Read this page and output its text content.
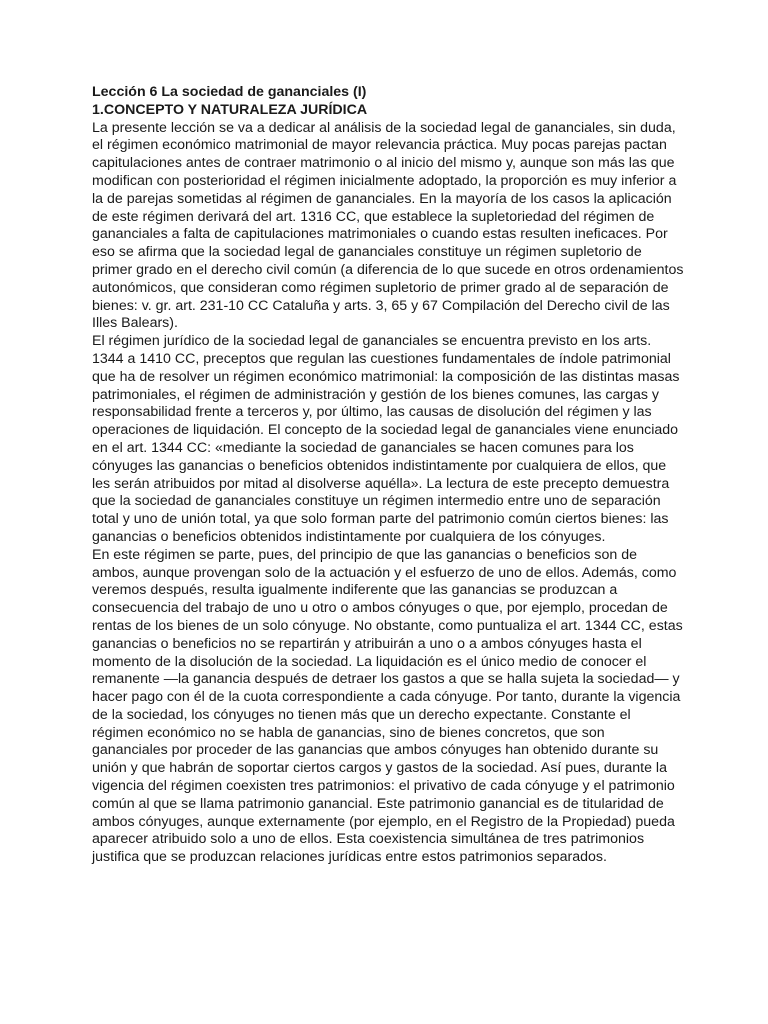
Lección 6 La sociedad de gananciales (I)

1.CONCEPTO Y NATURALEZA JURÍDICA

La presente lección se va a dedicar al análisis de la sociedad legal de gananciales, sin duda, el régimen económico matrimonial de mayor relevancia práctica. Muy pocas parejas pactan capitulaciones antes de contraer matrimonio o al inicio del mismo y, aunque son más las que modifican con posterioridad el régimen inicialmente adoptado, la proporción es muy inferior a la de parejas sometidas al régimen de gananciales. En la mayoría de los casos la aplicación de este régimen derivará del art. 1316 CC, que establece la supletoriedad del régimen de gananciales a falta de capitulaciones matrimoniales o cuando estas resulten ineficaces. Por eso se afirma que la sociedad legal de gananciales constituye un régimen supletorio de primer grado en el derecho civil común (a diferencia de lo que sucede en otros ordenamientos autonómicos, que consideran como régimen supletorio de primer grado al de separación de bienes: v. gr. art. 231-10 CC Cataluña y arts. 3, 65 y 67 Compilación del Derecho civil de las Illes Balears).

El régimen jurídico de la sociedad legal de gananciales se encuentra previsto en los arts. 1344 a 1410 CC, preceptos que regulan las cuestiones fundamentales de índole patrimonial que ha de resolver un régimen económico matrimonial: la composición de las distintas masas patrimoniales, el régimen de administración y gestión de los bienes comunes, las cargas y responsabilidad frente a terceros y, por último, las causas de disolución del régimen y las operaciones de liquidación. El concepto de la sociedad legal de gananciales viene enunciado en el art. 1344 CC: «mediante la sociedad de gananciales se hacen comunes para los cónyuges las ganancias o beneficios obtenidos indistintamente por cualquiera de ellos, que les serán atribuidos por mitad al disolverse aquélla». La lectura de este precepto demuestra que la sociedad de gananciales constituye un régimen intermedio entre uno de separación total y uno de unión total, ya que solo forman parte del patrimonio común ciertos bienes: las ganancias o beneficios obtenidos indistintamente por cualquiera de los cónyuges.

En este régimen se parte, pues, del principio de que las ganancias o beneficios son de ambos, aunque provengan solo de la actuación y el esfuerzo de uno de ellos. Además, como veremos después, resulta igualmente indiferente que las ganancias se produzcan a consecuencia del trabajo de uno u otro o ambos cónyuges o que, por ejemplo, procedan de rentas de los bienes de un solo cónyuge. No obstante, como puntualiza el art. 1344 CC, estas ganancias o beneficios no se repartirán y atribuirán a uno o a ambos cónyuges hasta el momento de la disolución de la sociedad. La liquidación es el único medio de conocer el remanente —la ganancia después de detraer los gastos a que se halla sujeta la sociedad— y hacer pago con él de la cuota correspondiente a cada cónyuge. Por tanto, durante la vigencia de la sociedad, los cónyuges no tienen más que un derecho expectante. Constante el régimen económico no se habla de ganancias, sino de bienes concretos, que son gananciales por proceder de las ganancias que ambos cónyuges han obtenido durante su unión y que habrán de soportar ciertos cargos y gastos de la sociedad. Así pues, durante la vigencia del régimen coexisten tres patrimonios: el privativo de cada cónyuge y el patrimonio común al que se llama patrimonio ganancial. Este patrimonio ganancial es de titularidad de ambos cónyuges, aunque externamente (por ejemplo, en el Registro de la Propiedad) pueda aparecer atribuido solo a uno de ellos. Esta coexistencia simultánea de tres patrimonios justifica que se produzcan relaciones jurídicas entre estos patrimonios separados.
